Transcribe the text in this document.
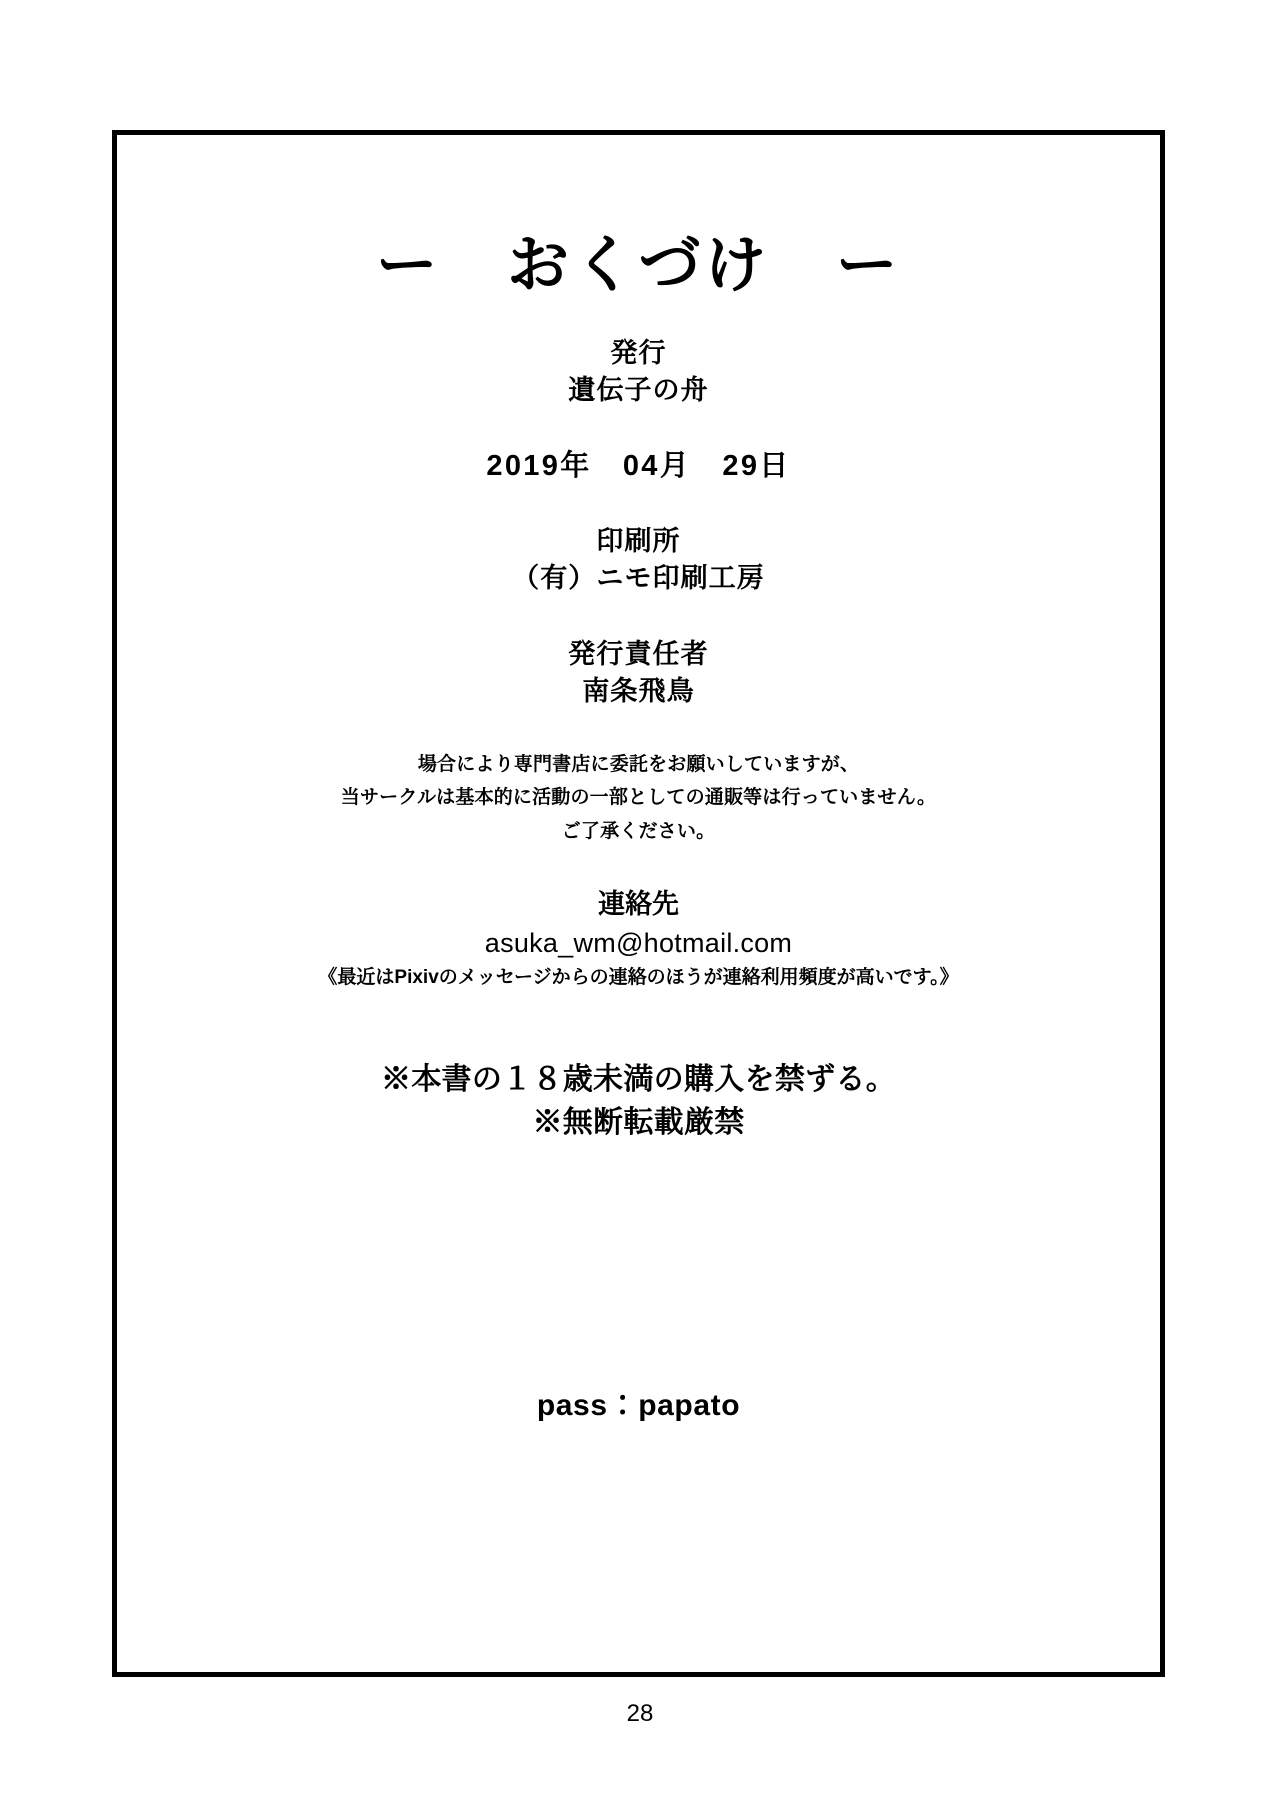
ー　おくづけ　ー
発行
遺伝子の舟
2019年　04月　29日
印刷所
（有）ニモ印刷工房
発行責任者
南条飛鳥
場合により専門書店に委託をお願いしていますが、
当サークルは基本的に活動の一部としての通販等は行っていません。
ご了承ください。
連絡先
asuka_wm@hotmail.com
《最近はPixivのメッセージからの連絡のほうが連絡利用頻度が高いです。》
※本書の１８歳未満の購入を禁ずる。
※無断転載厳禁
pass：papato
28
